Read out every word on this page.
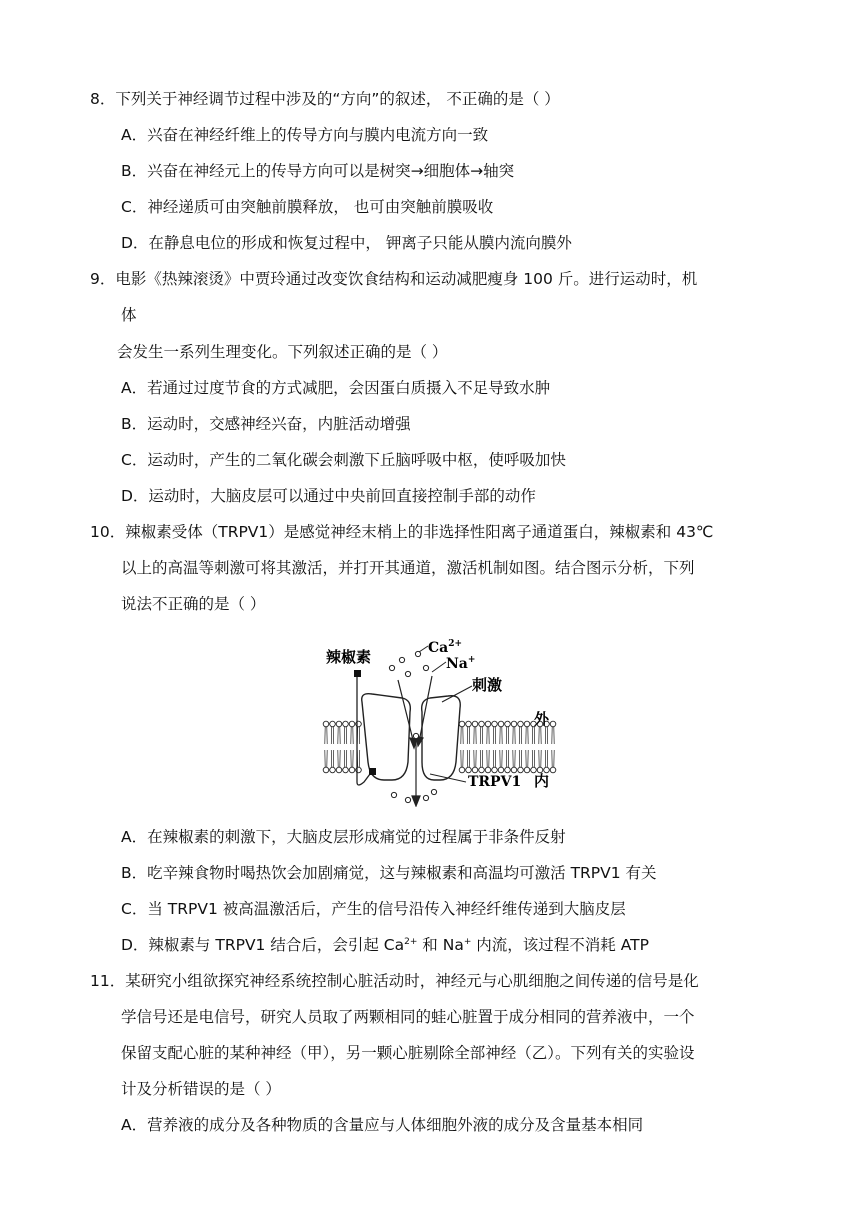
8．下列关于神经调节过程中涉及的“方向”的叙述， 不正确的是（ ）
A．兴奋在神经纤维上的传导方向与膜内电流方向一致
B．兴奋在神经元上的传导方向可以是树突→细胞体→轴突
C．神经递质可由突触前膜释放， 也可由突触前膜吸收
D．在静息电位的形成和恢复过程中， 钾离子只能从膜内流向膜外
9．电影《热辣滚烫》中贾玲通过改变饮食结构和运动减肥瘦身 100 斤。进行运动时，机
体
会发生一系列生理变化。下列叙述正确的是（ ）
A．若通过过度节食的方式减肥，会因蛋白质摄入不足导致水肿
B．运动时，交感神经兴奋，内脏活动增强
C．运动时，产生的二氧化碳会刺激下丘脑呼吸中枢，使呼吸加快
D．运动时，大脑皮层可以通过中央前回直接控制手部的动作
10．辣椒素受体（TRPV1）是感觉神经末梢上的非选择性阳离子通道蛋白，辣椒素和 43℃
以上的高温等刺激可将其激活，并打开其通道，激活机制如图。结合图示分析，下列
说法不正确的是（ ）
辣椒素	$Ca^{2+}$
Na+
刺激
外
内
TRPV1
A．在辣椒素的刺激下，大脑皮层形成痛觉的过程属于非条件反射
B．吃辛辣食物时喝热饮会加剧痛觉，这与辣椒素和高温均可激活 TRPV1 有关
C．当 TRPV1 被高温激活后，产生的信号沿传入神经纤维传递到大脑皮层
D．辣椒素与 TRPV1 结合后，会引起 $Ca^{2+}$ 和 Na+ 内流，该过程不消耗 ATP
11．某研究小组欲探究神经系统控制心脏活动时，神经元与心肌细胞之间传递的信号是化
学信号还是电信号，研究人员取了两颗相同的蛙心脏置于成分相同的营养液中，一个
保留支配心脏的某种神经（甲），另一颗心脏剔除全部神经（乙）。下列有关的实验设
计及分析错误的是（ ）
A．营养液的成分及各种物质的含量应与人体细胞外液的成分及含量基本相同
